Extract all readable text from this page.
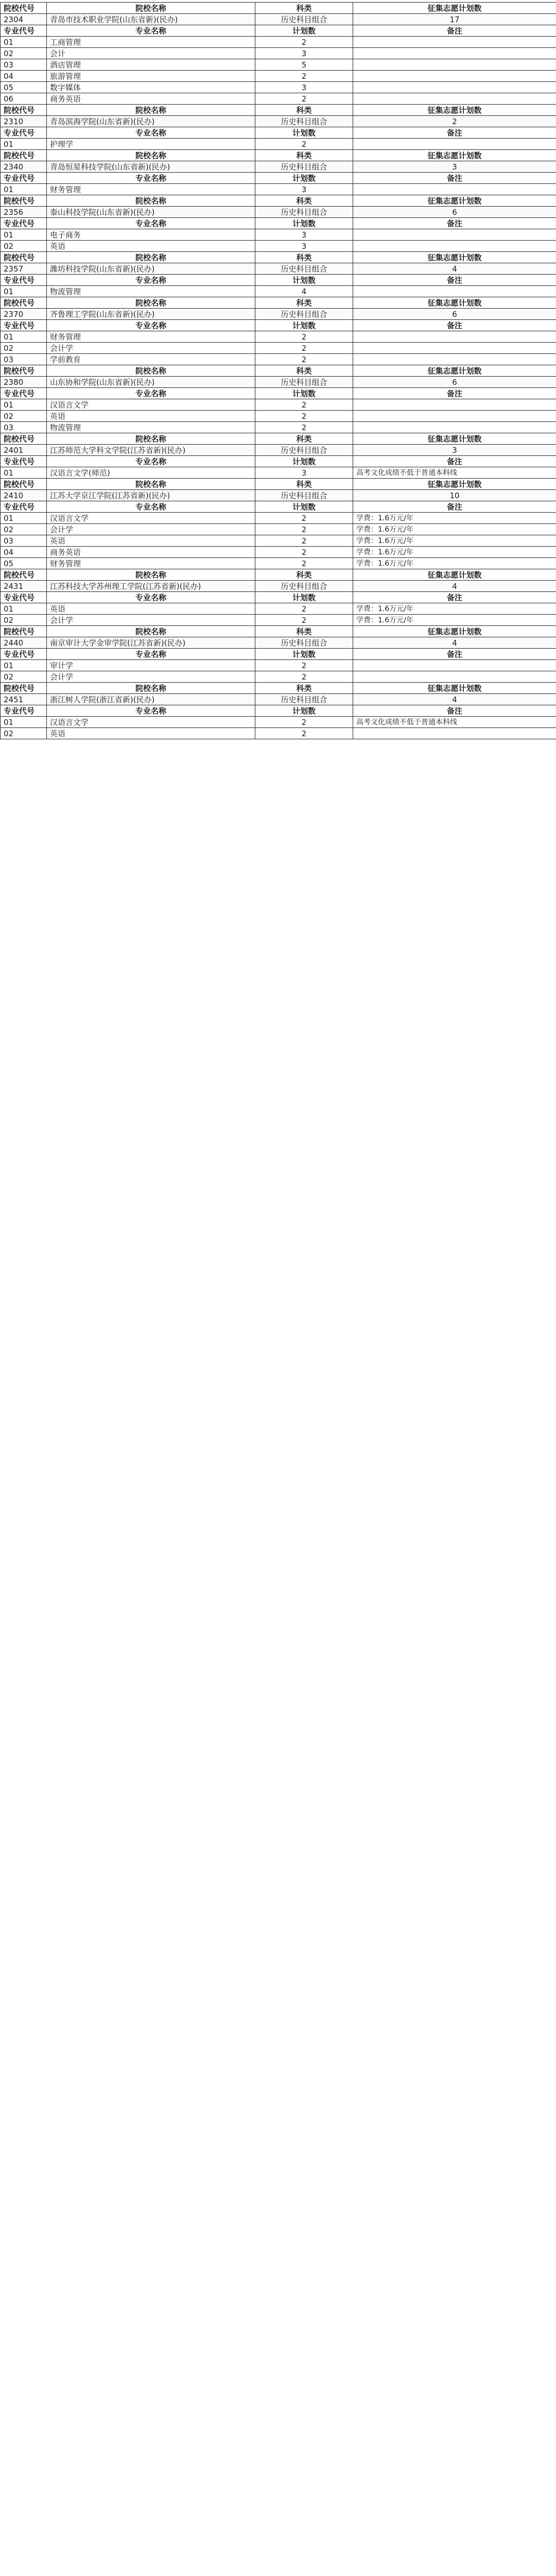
院校代号	院校名称	科类	征集志愿计划数
2304	青岛市技术职业学院(山东省新)(民办)	历史科目组合	17
专业代号	专业名称	计划数	备注
01	工商管理	2	
02	会计	3	
03	酒店管理	5	
04	旅游管理	2	
05	数字媒体	3	
06	商务英语	2	
院校代号	院校名称	科类	征集志愿计划数
2310	青岛滨海学院(山东省新)(民办)	历史科目组合	2
专业代号	专业名称	计划数	备注
01	护理学	2	
院校代号	院校名称	科类	征集志愿计划数
2340	青岛恒星科技学院(山东省新)(民办)	历史科目组合	3
专业代号	专业名称	计划数	备注
01	财务管理	3	
院校代号	院校名称	科类	征集志愿计划数
2356	泰山科技学院(山东省新)(民办)	历史科目组合	6
专业代号	专业名称	计划数	备注
01	电子商务	3	
02	英语	3	
院校代号	院校名称	科类	征集志愿计划数
2357	潍坊科技学院(山东省新)(民办)	历史科目组合	4
专业代号	专业名称	计划数	备注
01	物流管理	4	
院校代号	院校名称	科类	征集志愿计划数
2370	齐鲁理工学院(山东省新)(民办)	历史科目组合	6
专业代号	专业名称	计划数	备注
01	财务管理	2	
02	会计学	2	
03	学前教育	2	
院校代号	院校名称	科类	征集志愿计划数
2380	山东协和学院(山东省新)(民办)	历史科目组合	6
专业代号	专业名称	计划数	备注
01	汉语言文学	2	
02	英语	2	
03	物流管理	2	
院校代号	院校名称	科类	征集志愿计划数
2401	江苏师范大学科文学院(江苏省新)(民办)	历史科目组合	3
专业代号	专业名称	计划数	备注
01	汉语言文学(师范)	3	高考文化成绩不低于普通本科线
院校代号	院校名称	科类	征集志愿计划数
2410	江苏大学京江学院(江苏省新)(民办)	历史科目组合	10
专业代号	专业名称	计划数	备注
01	汉语言文学	2	学费：1.6万元/年
02	会计学	2	学费：1.6万元/年
03	英语	2	学费：1.6万元/年
04	商务英语	2	学费：1.6万元/年
05	财务管理	2	学费：1.6万元/年
院校代号	院校名称	科类	征集志愿计划数
2431	江苏科技大学苏州理工学院(江苏省新)(民办)	历史科目组合	4
专业代号	专业名称	计划数	备注
01	英语	2	学费：1.6万元/年
02	会计学	2	学费：1.6万元/年
院校代号	院校名称	科类	征集志愿计划数
2440	南京审计大学金审学院(江苏省新)(民办)	历史科目组合	4
专业代号	专业名称	计划数	备注
01	审计学	2	
02	会计学	2	
院校代号	院校名称	科类	征集志愿计划数
2451	浙江树人学院(浙江省新)(民办)	历史科目组合	4
专业代号	专业名称	计划数	备注
01	汉语言文学	2	高考文化成绩不低于普通本科线
02	英语	2	
